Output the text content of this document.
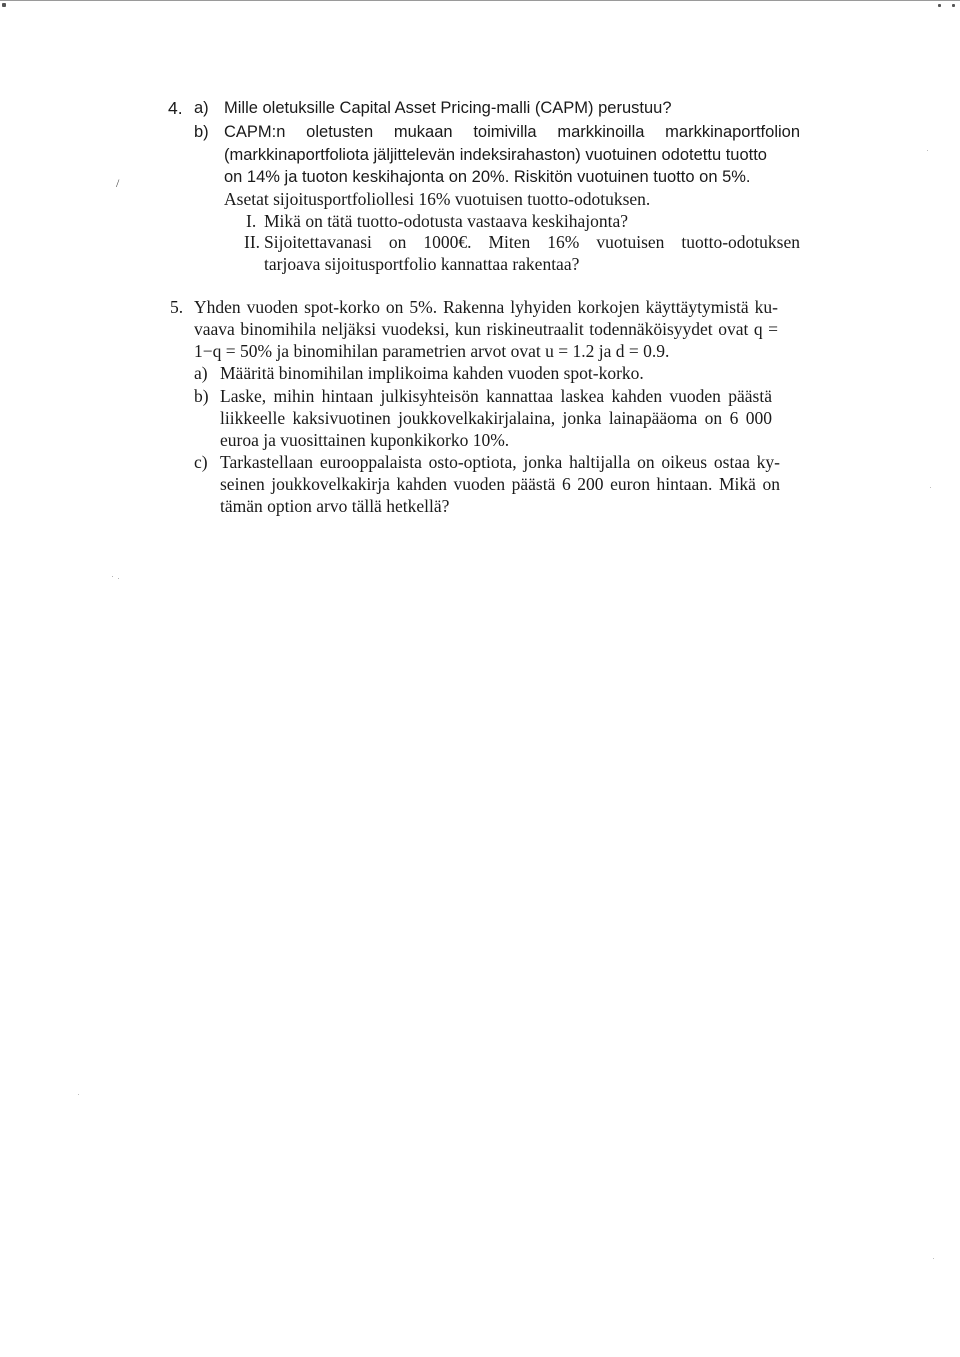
4. a) Mille oletuksille Capital Asset Pricing-malli (CAPM) perustuu?
b) CAPM:n oletusten mukaan toimivilla markkinoilla markkinaportfolion
(markkinaportfoliota jäljittelevän indeksirahaston) vuotuinen odotettu tuotto
on 14% ja tuoton keskihajonta on 20%. Riskitön vuotuinen tuotto on 5%.
Asetat sijoitusportfoliollesi 16% vuotuisen tuotto-odotuksen.
I. Mikä on tätä tuotto-odotusta vastaava keskihajonta?
II. Sijoitettavanasi on 1000€. Miten 16% vuotuisen tuotto-odotuksen
tarjoava sijoitusportfolio kannattaa rakentaa?
5. Yhden vuoden spot-korko on 5%. Rakenna lyhyiden korkojen käyttäytymistä ku-
vaava binomihila neljäksi vuodeksi, kun riskineutraalit todennäköisyydet ovat q =
1−q = 50% ja binomihilan parametrien arvot ovat u = 1.2 ja d = 0.9.
a) Määritä binomihilan implikoima kahden vuoden spot-korko.
b) Laske, mihin hintaan julkisyhteisön kannattaa laskea kahden vuoden päästä
liikkeelle kaksivuotinen joukkovelkakirjalaina, jonka lainapääoma on 6 000
euroa ja vuosittainen kuponkikorko 10%.
c) Tarkastellaan eurooppalaista osto-optiota, jonka haltijalla on oikeus ostaa ky-
seinen joukkovelkakirja kahden vuoden päästä 6 200 euron hintaan. Mikä on
tämän option arvo tällä hetkellä?
/
